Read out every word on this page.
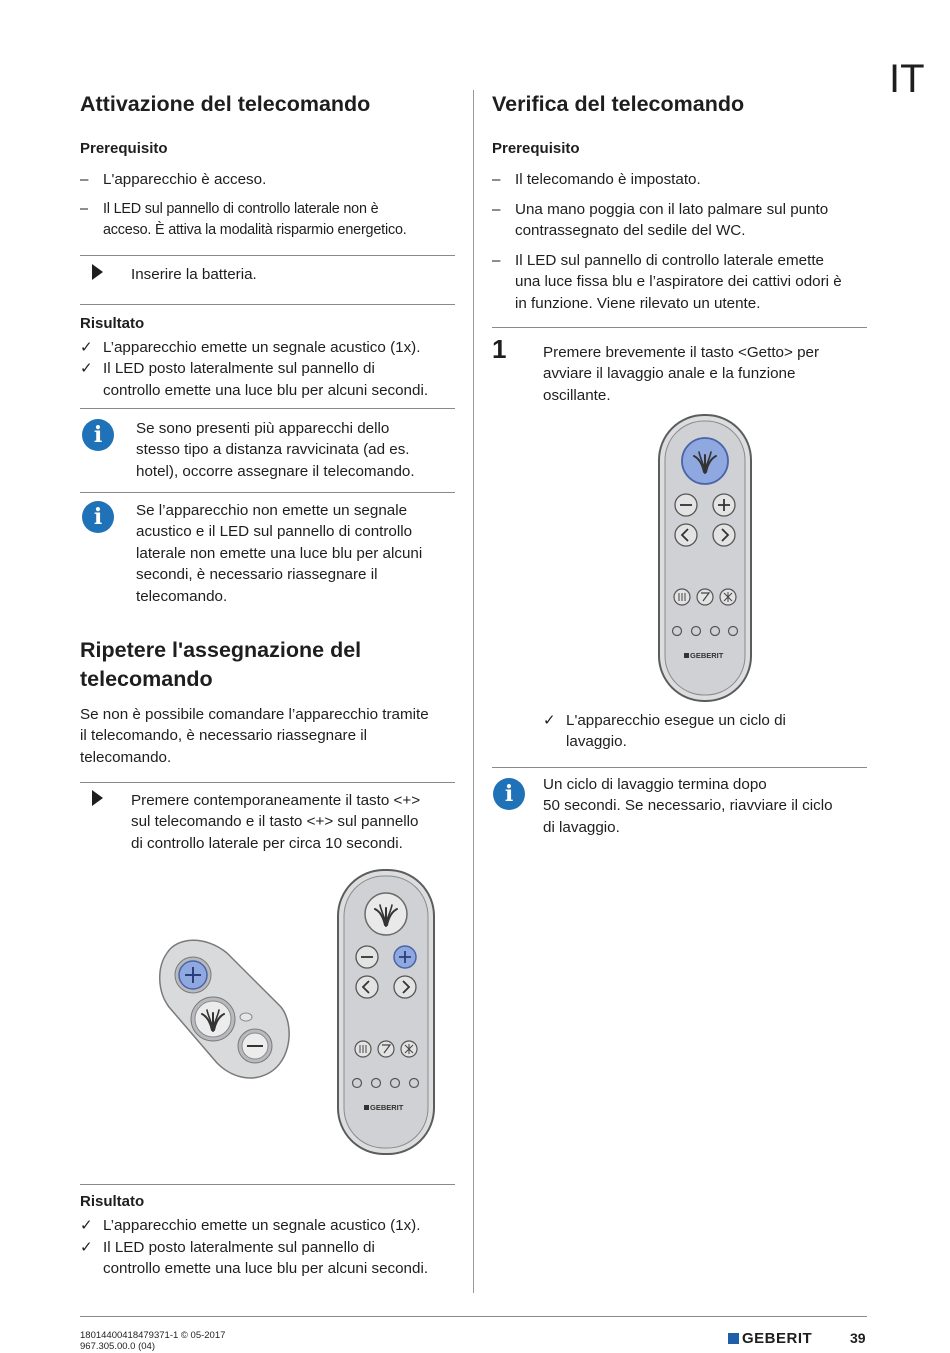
IT
Attivazione del telecomando
Prerequisito
– L'apparecchio è acceso.
– Il LED sul pannello di controllo laterale non è
acceso. È attiva la modalità risparmio energetico.
Inserire la batteria.
Risultato
✓ L’apparecchio emette un segnale acustico (1x).
✓ Il LED posto lateralmente sul pannello di
controllo emette una luce blu per alcuni secondi.
i	Se sono presenti più apparecchi dello
stesso tipo a distanza ravvicinata (ad es.
hotel), occorre assegnare il telecomando.
i	Se l’apparecchio non emette un segnale
acustico e il LED sul pannello di controllo
laterale non emette una luce blu per alcuni
secondi, è necessario riassegnare il
telecomando.
Ripetere l'assegnazione del
telecomando
Se non è possibile comandare l’apparecchio tramite
il telecomando, è necessario riassegnare il
telecomando.
Premere contemporaneamente il tasto <+>
sul telecomando e il tasto <+> sul pannello
di controllo laterale per circa 10 secondi.
GEBERIT
Risultato
✓ L’apparecchio emette un segnale acustico (1x).
✓ Il LED posto lateralmente sul pannello di
controllo emette una luce blu per alcuni secondi.
Verifica del telecomando
Prerequisito
– Il telecomando è impostato.
– Una mano poggia con il lato palmare sul punto
contrassegnato del sedile del WC.
– Il LED sul pannello di controllo laterale emette
una luce fissa blu e l’aspiratore dei cattivi odori è
in funzione. Viene rilevato un utente.
1 Premere brevemente il tasto <Getto> per
avviare il lavaggio anale e la funzione
oscillante.
GEBERIT
✓ L'apparecchio esegue un ciclo di
lavaggio.
i	Un ciclo di lavaggio termina dopo
50 secondi. Se necessario, riavviare il ciclo
di lavaggio.
18014400418479371-1 © 05-2017
967.305.00.0 (04)	GEBERIT	39
